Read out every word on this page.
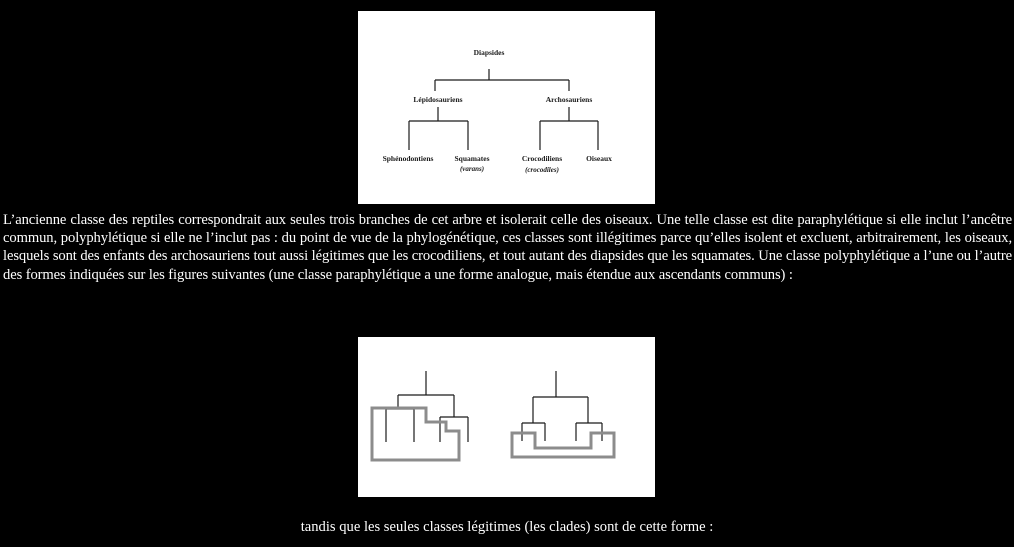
Diapsides
Lépidosauriens	Archosauriens
Sphénodontiens	Squamates
(varans)
Crocodiliens
(crocodiles)
Oiseaux

L’ancienne classe des reptiles correspondrait aux seules trois branches de cet arbre et isolerait celle des oiseaux. Une telle classe est dite paraphylétique si elle inclut l’ancêtre commun, polyphylétique si elle ne l’inclut pas : du point de vue de la phylogénétique, ces classes sont illégitimes parce qu’elles isolent et excluent, arbitrairement, les oiseaux, lesquels sont des enfants des archosauriens tout aussi légitimes que les crocodiliens, et tout autant des diapsides que les squamates. Une classe polyphylétique a l’une ou l’autre des formes indiquées sur les figures suivantes (une classe paraphylétique a une forme analogue, mais étendue aux ascendants communs) :

tandis que les seules classes légitimes (les clades) sont de cette forme :
